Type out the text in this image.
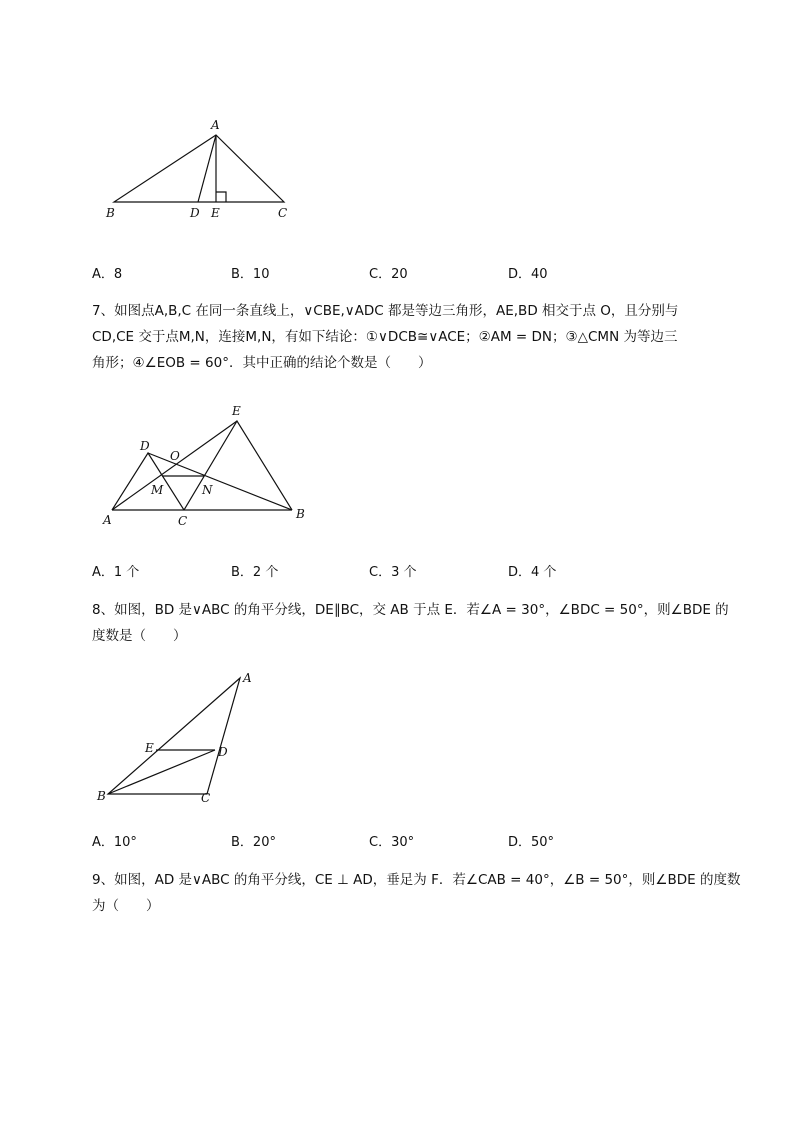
A
B	D E	C
A．8	B．10	C．20	D．40
7、如图点A,B,C 在同一条直线上，∨CBE,∨ADC 都是等边三角形，AE,BD 相交于点 O，且分别与
CD,CE 交于点M,N，连接M,N，有如下结论：①∨DCB≅∨ACE；②AM = DN；③△CMN 为等边三
角形；④∠EOB = 60°．其中正确的结论个数是（　　）
E
D
O
M	N
A	C	B
A．1 个	B．2 个	C．3 个	D．4 个
8、如图，BD 是∨ABC 的角平分线，DE∥BC，交 AB 于点 E．若∠A = 30°，∠BDC = 50°，则∠BDE 的
度数是（　　）
A
E	D
B	C
A．10°	B．20°	C．30°	D．50°
9、如图，AD 是∨ABC 的角平分线，CE ⊥ AD，垂足为 F．若∠CAB = 40°，∠B = 50°，则∠BDE 的度数
为（　　）
